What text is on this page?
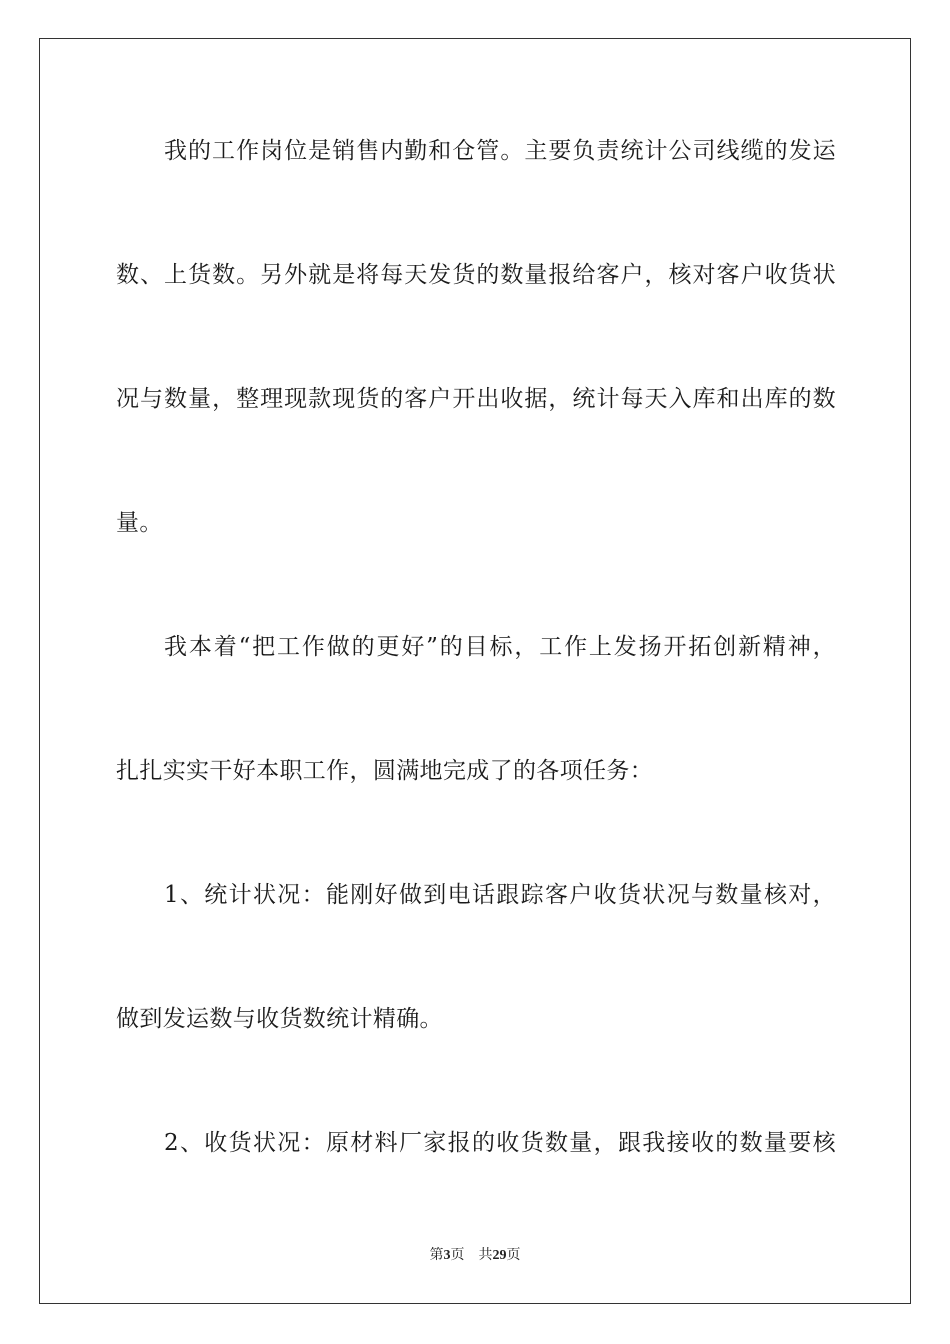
我的工作岗位是销售内勤和仓管。主要负责统计公司线缆的发运
数、上货数。另外就是将每天发货的数量报给客户，核对客户收货状
况与数量，整理现款现货的客户开出收据，统计每天入库和出库的数
量。
我本着“把工作做的更好”的目标，工作上发扬开拓创新精神，
扎扎实实干好本职工作，圆满地完成了的各项任务：
1、统计状况：能刚好做到电话跟踪客户收货状况与数量核对，
做到发运数与收货数统计精确。
2、收货状况：原材料厂家报的收货数量，跟我接收的数量要核
第3页 共29页
